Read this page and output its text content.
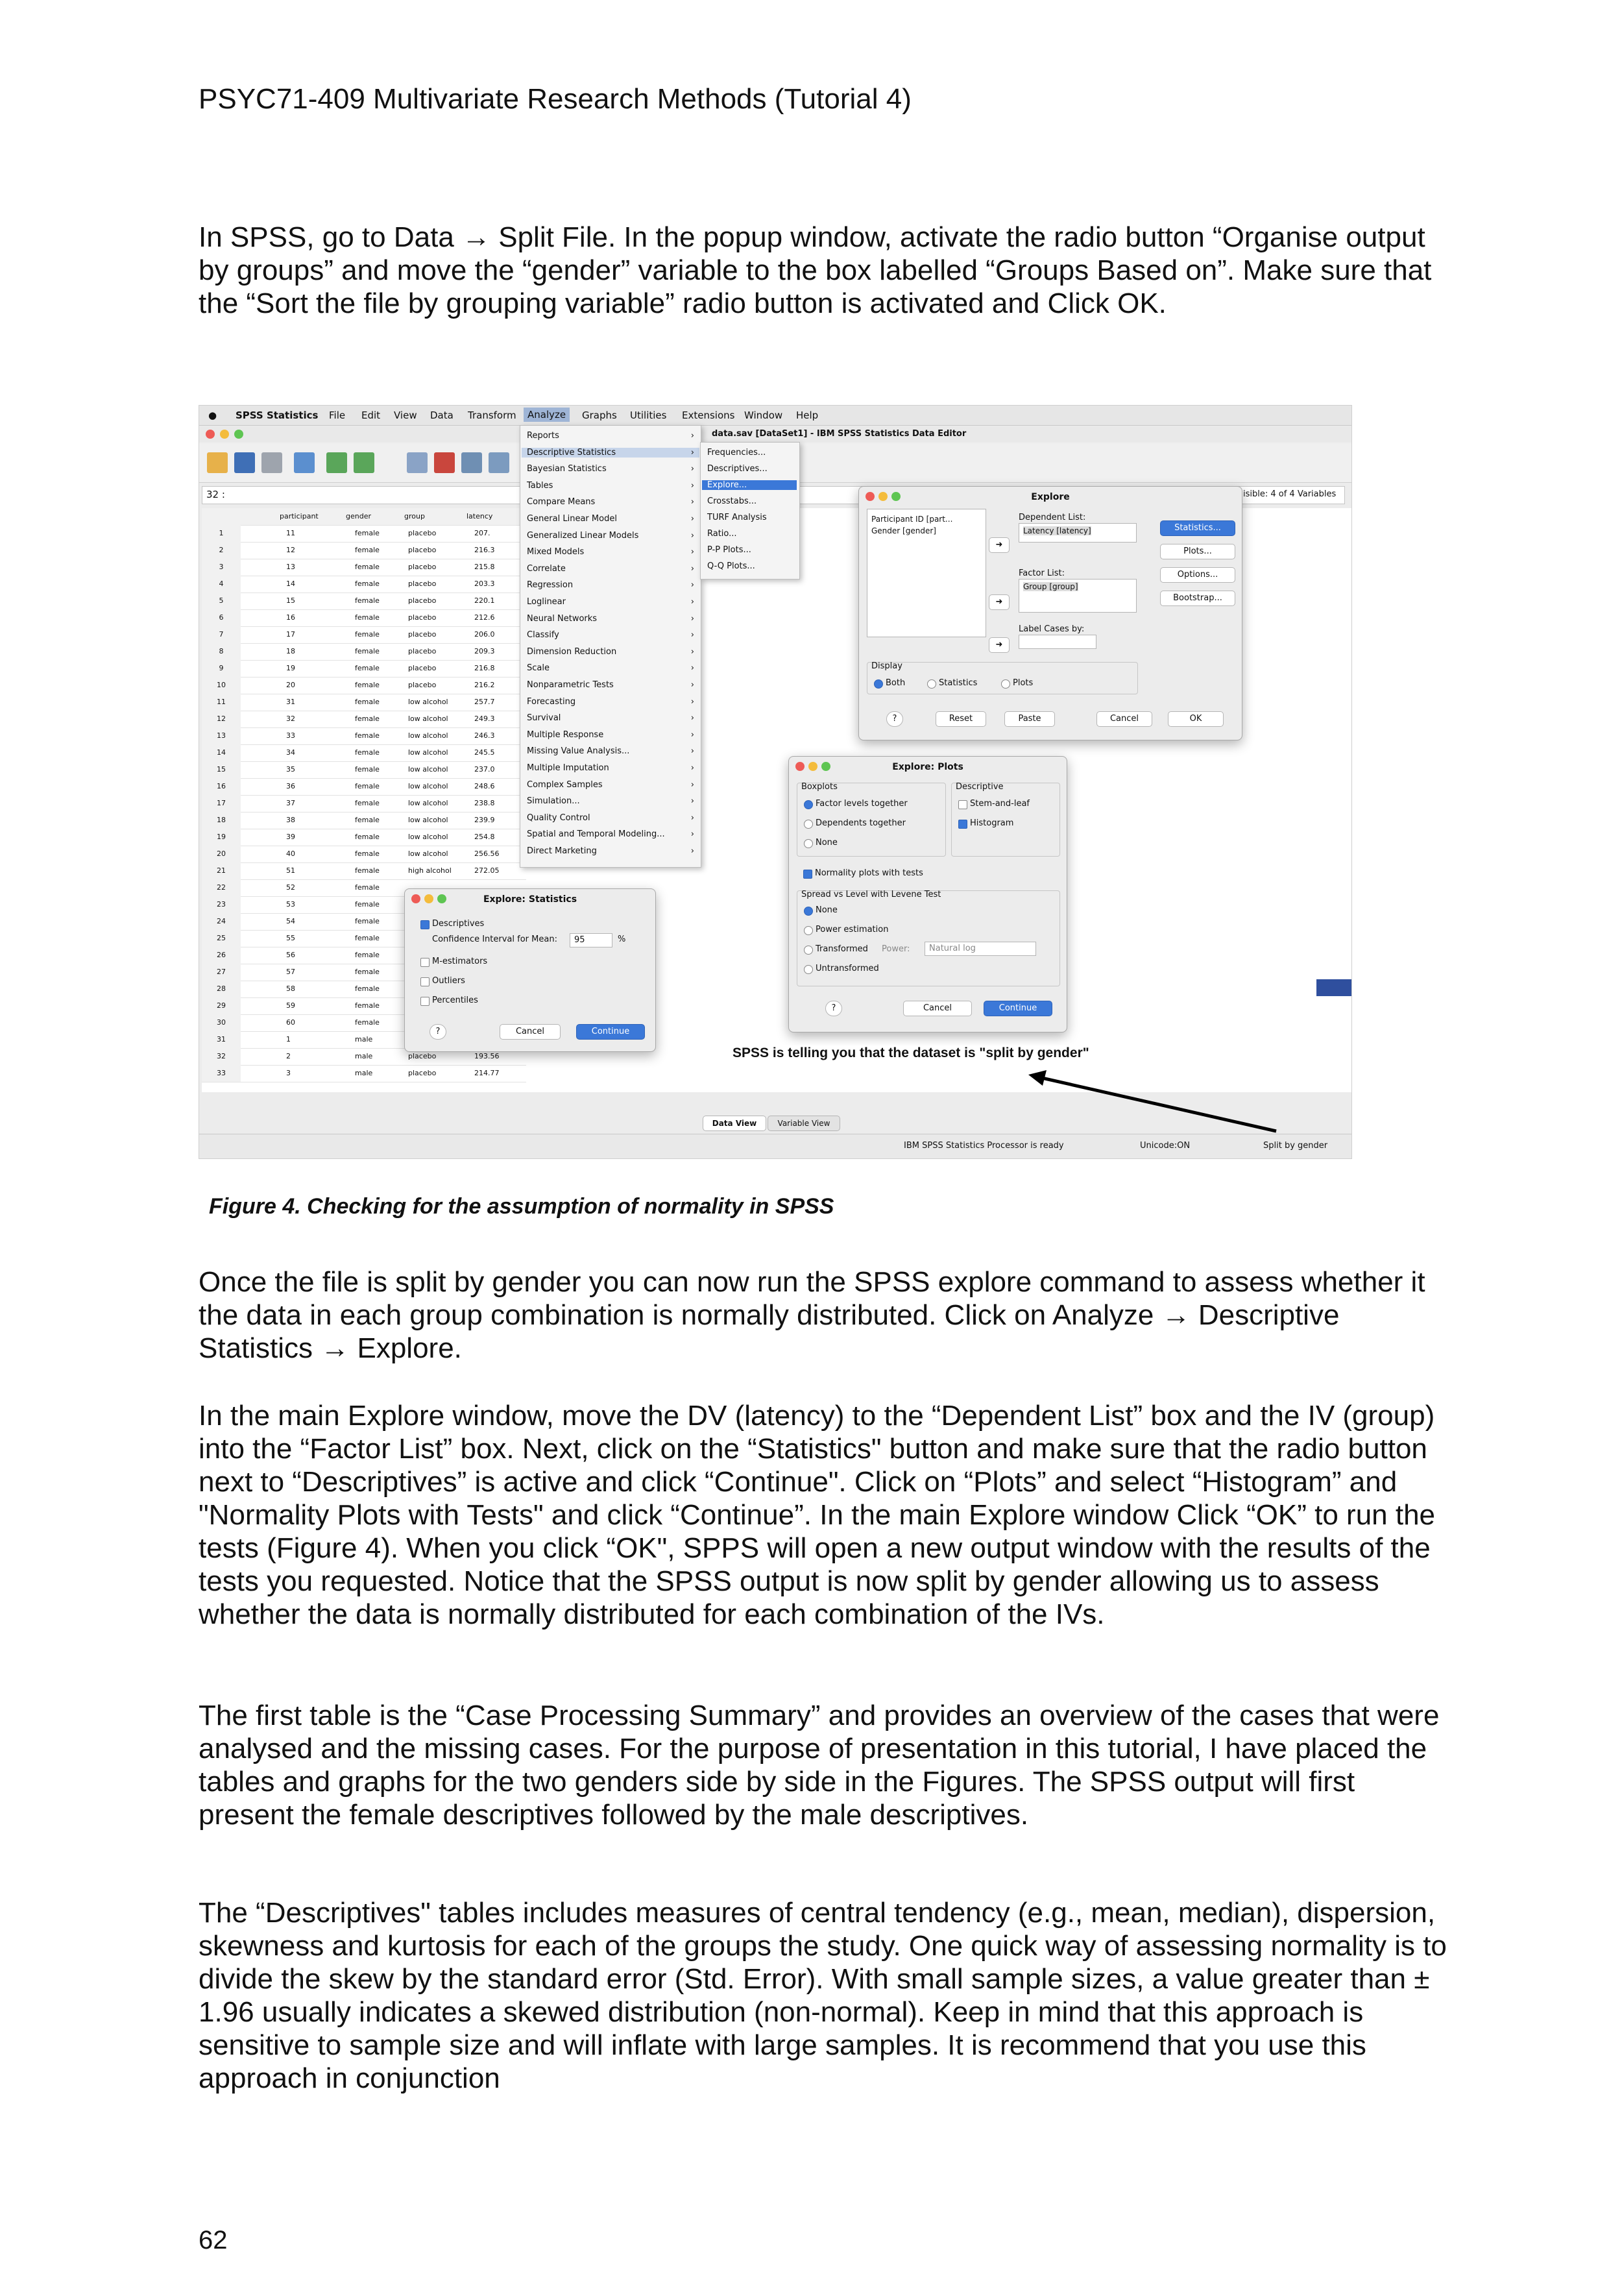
PSYC71-409 Multivariate Research Methods (Tutorial 4)

In SPSS, go to Data → Split File. In the popup window, activate the radio button “Organise output by groups” and move the “gender” variable to the box labelled “Groups Based on”. Make sure that the “Sort the file by grouping variable” radio button is activated and Click OK.

● SPSS Statistics File Edit View Data Transform	Analyze	Graphs Utilities Extensions Window Help
data.sav [DataSet1] - IBM SPSS Statistics Data Editor
32 :	isible: 4 of 4 Variables
participant	gender	group	latency
1	11	female	placebo	207.
2	12	female	placebo	216.3
3	13	female	placebo	215.8
4	14	female	placebo	203.3
5	15	female	placebo	220.1
6	16	female	placebo	212.6
7	17	female	placebo	206.0
8	18	female	placebo	209.3
9	19	female	placebo	216.8
10	20	female	placebo	216.2
11	31	female	low alcohol	257.7
12	32	female	low alcohol	249.3
13	33	female	low alcohol	246.3
14	34	female	low alcohol	245.5
15	35	female	low alcohol	237.0
16	36	female	low alcohol	248.6
17	37	female	low alcohol	238.8
18	38	female	low alcohol	239.9
19	39	female	low alcohol	254.8
20	40	female	low alcohol	256.56
21	51	female	high alcohol	272.05
22	52	female
23	53	female
24	54	female
25	55	female
26	56	female
27	57	female
28	58	female
29	59	female
30	60	female
31	1	male
32	2	male	placebo	193.56
33	3	male	placebo	214.77
Reports	›
Descriptive Statistics	›
Bayesian Statistics	›
Tables	›
Compare Means	›
General Linear Model	›
Generalized Linear Models	›
Mixed Models	›
Correlate	›
Regression	›
Loglinear	›
Neural Networks	›
Classify	›
Dimension Reduction	›
Scale	›
Nonparametric Tests	›
Forecasting	›
Survival	›
Multiple Response	›
Missing Value Analysis...	›
Multiple Imputation	›
Complex Samples	›
Simulation...	›
Quality Control	›
Spatial and Temporal Modeling...	›
Direct Marketing	›
Frequencies...
Descriptives...
Explore...
Crosstabs...
TURF Analysis
Ratio...
P-P Plots...
Q-Q Plots...
Explore
Participant ID [part...
Gender [gender]
➜
➜
➜
Dependent List:
Latency [latency]
Factor List:
Group [group]
Label Cases by:
Statistics...
Plots...
Options...
Bootstrap...
Display
Both	Statistics	Plots
?	Reset	Paste	Cancel	OK
Explore: Plots
Boxplots
Factor levels together
Dependents together
None
Descriptive
Stem-and-leaf
Histogram
Normality plots with tests
Spread vs Level with Levene Test
None
Power estimation
Transformed Power: Natural log
Untransformed
?	Cancel	Continue
Explore: Statistics
Descriptives
Confidence Interval for Mean: 95	%
M-estimators
Outliers
Percentiles
?	Cancel	Continue
SPSS is telling you that the dataset is "split by gender"
Data View	Variable View
IBM SPSS Statistics Processor is ready	Unicode:ON	Split by gender
Figure 4. Checking for the assumption of normality in SPSS

Once the file is split by gender you can now run the SPSS explore command to assess whether it the data in each group combination is normally distributed. Click on Analyze → Descriptive Statistics → Explore.

In the main Explore window, move the DV (latency) to the “Dependent List” box and the IV (group) into the “Factor List” box. Next, click on the “Statistics" button and make sure that the radio button next to “Descriptives” is active and click “Continue". Click on “Plots” and select “Histogram” and "Normality Plots with Tests" and click “Continue”. In the main Explore window Click “OK” to run the tests (Figure 4). When you click “OK", SPPS will open a new output window with the results of the tests you requested. Notice that the SPSS output is now split by gender allowing us to assess whether the data is normally distributed for each combination of the IVs.

The first table is the “Case Processing Summary” and provides an overview of the cases that were analysed and the missing cases. For the purpose of presentation in this tutorial, I have placed the tables and graphs for the two genders side by side in the Figures. The SPSS output will first present the female descriptives followed by the male descriptives.

The “Descriptives" tables includes measures of central tendency (e.g., mean, median), dispersion, skewness and kurtosis for each of the groups the study. One quick way of assessing normality is to divide the skew by the standard error (Std. Error). With small sample sizes, a value greater than ± 1.96 usually indicates a skewed distribution (non-normal). Keep in mind that this approach is sensitive to sample size and will inflate with large samples. It is recommend that you use this approach in conjunction

62
